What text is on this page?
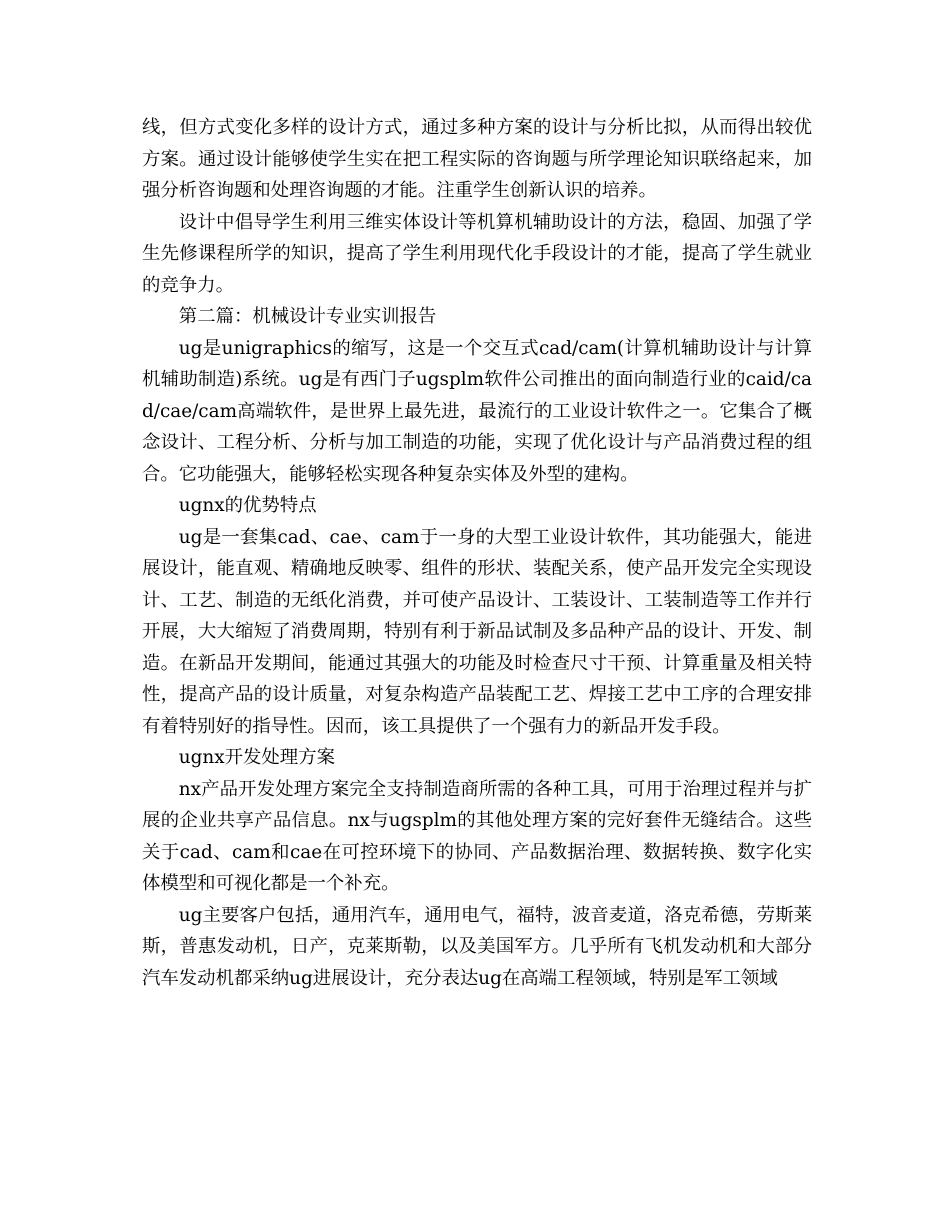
线，但方式变化多样的设计方式，通过多种方案的设计与分析比拟，从而得出较优方案。通过设计能够使学生实在把工程实际的咨询题与所学理论知识联络起来，加强分析咨询题和处理咨询题的才能。注重学生创新认识的培养。

设计中倡导学生利用三维实体设计等机算机辅助设计的方法，稳固、加强了学生先修课程所学的知识，提高了学生利用现代化手段设计的才能，提高了学生就业的竞争力。

第二篇：机械设计专业实训报告

ug是unigraphics的缩写，这是一个交互式cad/cam(计算机辅助设计与计算机辅助制造)系统。ug是有西门子ugsplm软件公司推出的面向制造行业的caid/cad/cae/cam高端软件，是世界上最先进，最流行的工业设计软件之一。它集合了概念设计、工程分析、分析与加工制造的功能，实现了优化设计与产品消费过程的组合。它功能强大，能够轻松实现各种复杂实体及外型的建构。

ugnx的优势特点

ug是一套集cad、cae、cam于一身的大型工业设计软件，其功能强大，能进展设计，能直观、精确地反映零、组件的形状、装配关系，使产品开发完全实现设计、工艺、制造的无纸化消费，并可使产品设计、工装设计、工装制造等工作并行开展，大大缩短了消费周期，特别有利于新品试制及多品种产品的设计、开发、制造。在新品开发期间，能通过其强大的功能及时检查尺寸干预、计算重量及相关特性，提高产品的设计质量，对复杂构造产品装配工艺、焊接工艺中工序的合理安排有着特别好的指导性。因而，该工具提供了一个强有力的新品开发手段。

ugnx开发处理方案

nx产品开发处理方案完全支持制造商所需的各种工具，可用于治理过程并与扩展的企业共享产品信息。nx与ugsplm的其他处理方案的完好套件无缝结合。这些关于cad、cam和cae在可控环境下的协同、产品数据治理、数据转换、数字化实体模型和可视化都是一个补充。

ug主要客户包括，通用汽车，通用电气，福特，波音麦道，洛克希德，劳斯莱斯，普惠发动机，日产，克莱斯勒，以及美国军方。几乎所有飞机发动机和大部分汽车发动机都采纳ug进展设计，充分表达ug在高端工程领域，特别是军工领域
